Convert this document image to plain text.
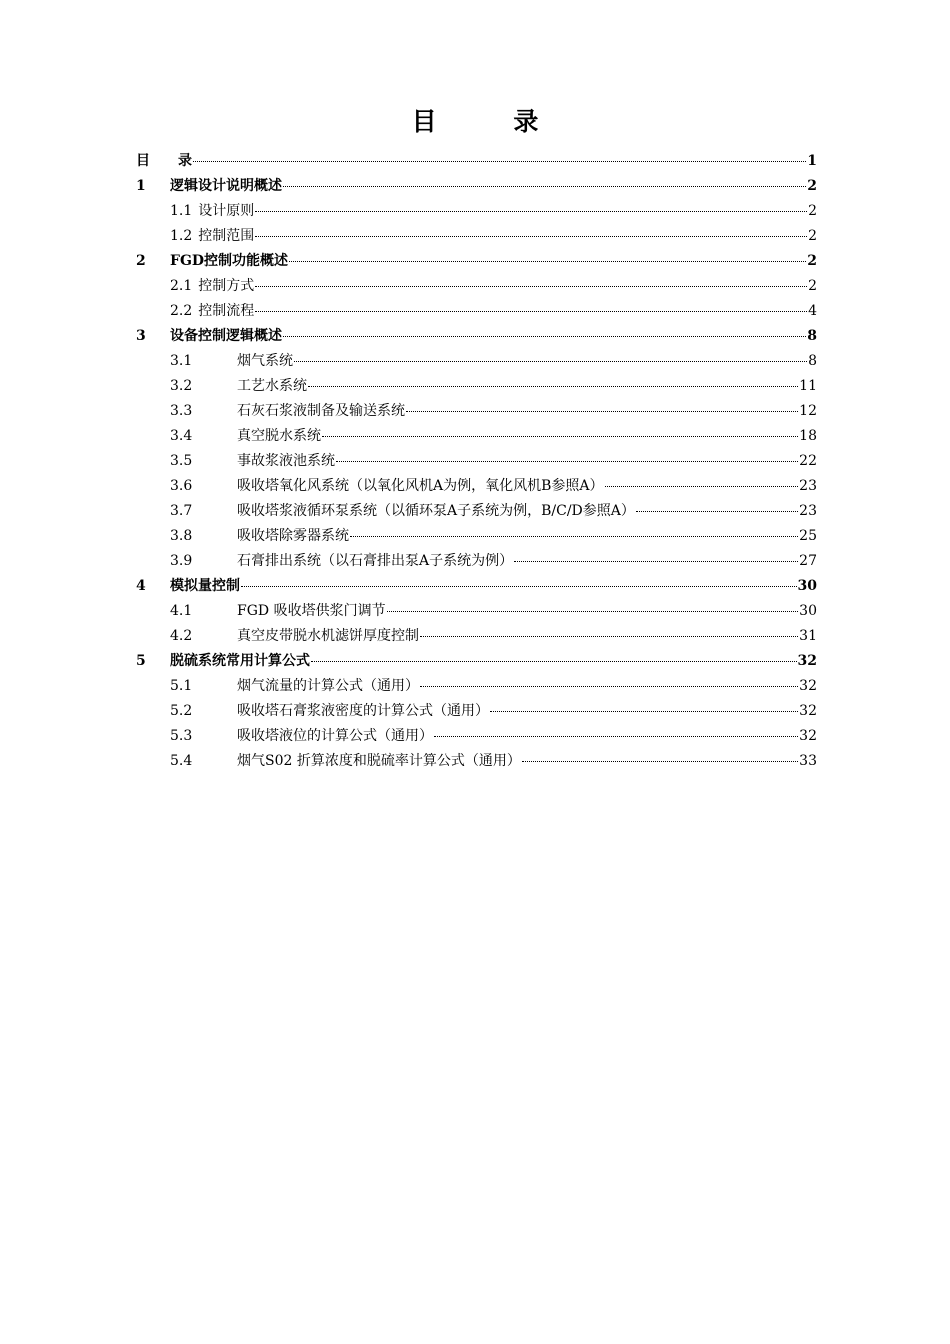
目 录
目	录	1
1	逻辑设计说明概述	2
1.1 设计原则	2
1.2 控制范围	2
2	FGD控制功能概述	2
2.1 控制方式	2
2.2 控制流程	4
3	设备控制逻辑概述	8
3.1	烟气系统	8
3.2	工艺水系统	11
3.3	石灰石浆液制备及输送系统	12
3.4	真空脱水系统	18
3.5	事故浆液池系统	22
3.6	吸收塔氧化风系统（以氧化风机A为例，氧化风机B参照A）	23
3.7	吸收塔浆液循环泵系统（以循环泵A子系统为例，B/C/D参照A）	23
3.8	吸收塔除雾器系统	25
3.9	石膏排出系统（以石膏排出泵A子系统为例）	27
4	模拟量控制	30
4.1	FGD 吸收塔供浆门调节	30
4.2	真空皮带脱水机滤饼厚度控制	31
5	脱硫系统常用计算公式	32
5.1	烟气流量的计算公式（通用）	32
5.2	吸收塔石膏浆液密度的计算公式（通用）	32
5.3	吸收塔液位的计算公式（通用）	32
5.4	烟气S02 折算浓度和脱硫率计算公式（通用）	33
